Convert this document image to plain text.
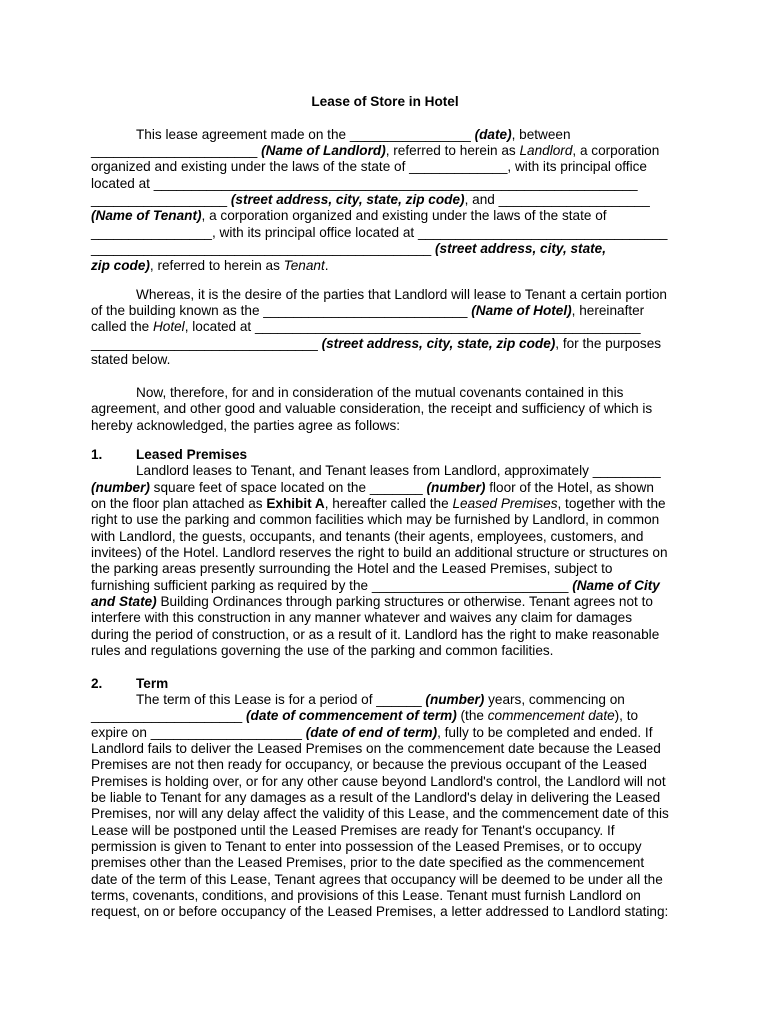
Lease of Store in Hotel
This lease agreement made on the ________________ (date), between
______________________ (Name of Landlord), referred to herein as Landlord, a corporation
organized and existing under the laws of the state of _____________, with its principal office
located at ________________________________________________________________
__________________ (street address, city, state, zip code), and ____________________
(Name of Tenant), a corporation organized and existing under the laws of the state of
________________, with its principal office located at _________________________________
_____________________________________________ (street address, city, state,
zip code), referred to herein as Tenant.
Whereas, it is the desire of the parties that Landlord will lease to Tenant a certain portion
of the building known as the ___________________________ (Name of Hotel), hereinafter
called the Hotel, located at ___________________________________________________
______________________________ (street address, city, state, zip code), for the purposes
stated below.
Now, therefore, for and in consideration of the mutual covenants contained in this
agreement, and other good and valuable consideration, the receipt and sufficiency of which is
hereby acknowledged, the parties agree as follows:
1. Leased Premises
Landlord leases to Tenant, and Tenant leases from Landlord, approximately _________
(number) square feet of space located on the _______ (number) floor of the Hotel, as shown
on the floor plan attached as Exhibit A, hereafter called the Leased Premises, together with the
right to use the parking and common facilities which may be furnished by Landlord, in common
with Landlord, the guests, occupants, and tenants (their agents, employees, customers, and
invitees) of the Hotel. Landlord reserves the right to build an additional structure or structures on
the parking areas presently surrounding the Hotel and the Leased Premises, subject to
furnishing sufficient parking as required by the __________________________ (Name of City
and State) Building Ordinances through parking structures or otherwise. Tenant agrees not to
interfere with this construction in any manner whatever and waives any claim for damages
during the period of construction, or as a result of it. Landlord has the right to make reasonable
rules and regulations governing the use of the parking and common facilities.
2. Term
The term of this Lease is for a period of ______ (number) years, commencing on
____________________ (date of commencement of term) (the commencement date), to
expire on ____________________ (date of end of term), fully to be completed and ended. If
Landlord fails to deliver the Leased Premises on the commencement date because the Leased
Premises are not then ready for occupancy, or because the previous occupant of the Leased
Premises is holding over, or for any other cause beyond Landlord's control, the Landlord will not
be liable to Tenant for any damages as a result of the Landlord's delay in delivering the Leased
Premises, nor will any delay affect the validity of this Lease, and the commencement date of this
Lease will be postponed until the Leased Premises are ready for Tenant's occupancy. If
permission is given to Tenant to enter into possession of the Leased Premises, or to occupy
premises other than the Leased Premises, prior to the date specified as the commencement
date of the term of this Lease, Tenant agrees that occupancy will be deemed to be under all the
terms, covenants, conditions, and provisions of this Lease. Tenant must furnish Landlord on
request, on or before occupancy of the Leased Premises, a letter addressed to Landlord stating:
